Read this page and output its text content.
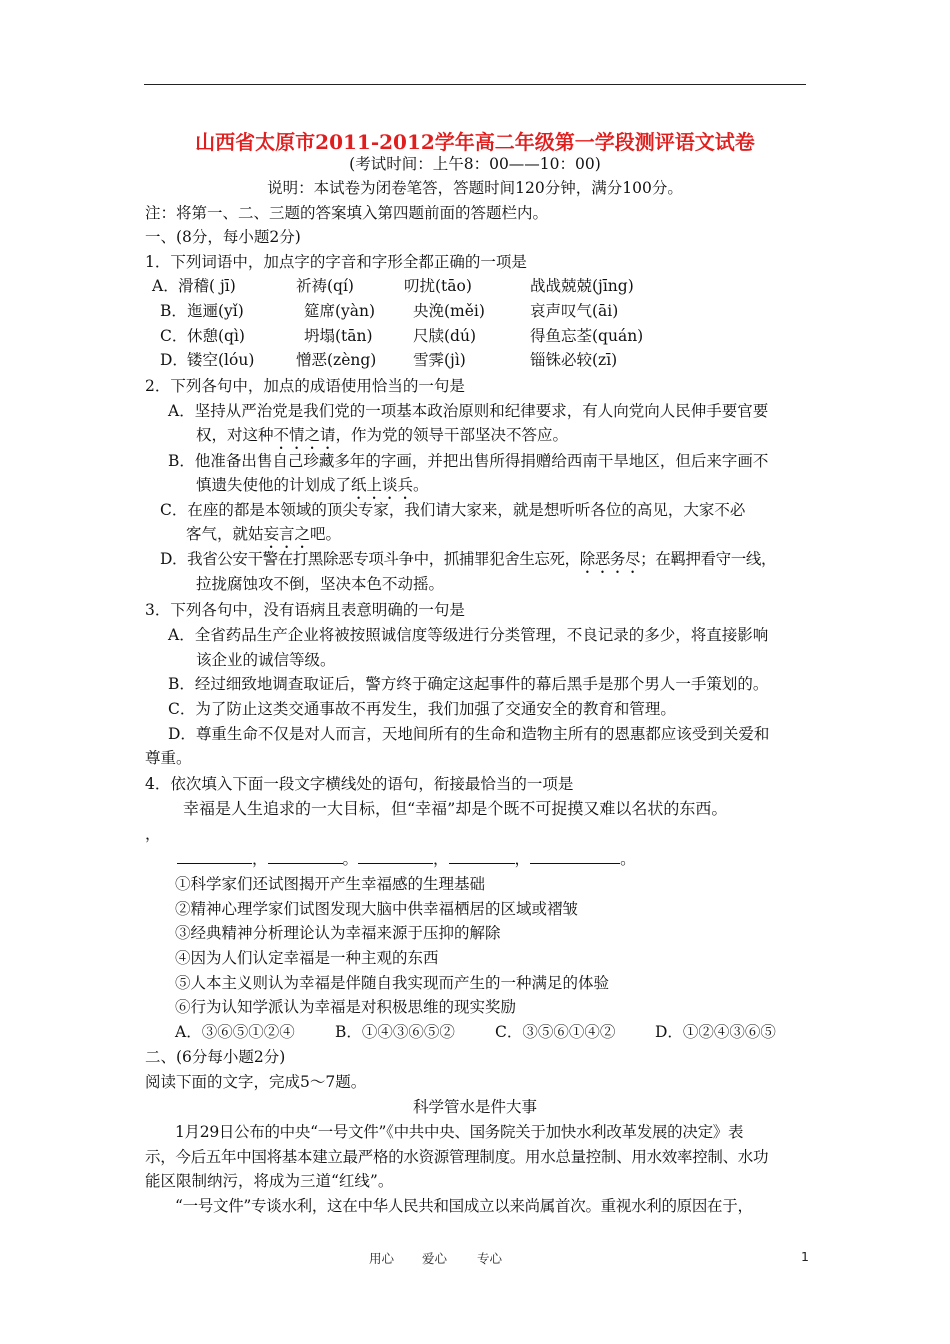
山西省太原市2011-2012学年高二年级第一学段测评语文试卷
(考试时间：上午8：00——10：00)
说明：本试卷为闭卷笔答，答题时间120分钟，满分100分。
注：将第一、二、三题的答案填入第四题前面的答题栏内。
一、(8分，每小题2分)
1．下列词语中，加点字的字音和字形全都正确的一项是
A． 滑稽( jī)	祈祷(qí)	叨扰(tāo)	战战兢兢(jīng)
B． 迤逦(yǐ)	筵席(yàn) 央浼(měi)	哀声叹气(āi)
C． 休憩(qì)	坍塌(tān)	尺牍(dú)	得鱼忘荃(quán)
D． 镂空(lóu)	憎恶(zèng) 雪霁(jì)	锱铢必较(zī)
2．下列各句中，加点的成语使用恰当的一句是
A．坚持从严治党是我们党的一项基本政治原则和纪律要求，有人向党向人民伸手要官要
权，对这种不情之请，作为党的领导干部坚决不答应。
B．他准备出售自己珍藏多年的字画，并把出售所得捐赠给西南干旱地区，但后来字画不
慎遗失使他的计划成了纸上谈兵。
C．在座的都是本领域的顶尖专家，我们请大家来，就是想听听各位的高见，大家不必
客气，就姑妄言之吧。
D．我省公安干警在打黑除恶专项斗争中，抓捕罪犯舍生忘死，除恶务尽；在羁押看守一线，
拉拢腐蚀攻不倒，坚决本色不动摇。
3．下列各句中，没有语病且表意明确的一句是
A．全省药品生产企业将被按照诚信度等级进行分类管理，不良记录的多少，将直接影响
该企业的诚信等级。
B．经过细致地调查取证后，警方终于确定这起事件的幕后黑手是那个男人一手策划的。
C．为了防止这类交通事故不再发生，我们加强了交通安全的教育和管理。
D．尊重生命不仅是对人而言，天地间所有的生命和造物主所有的恩惠都应该受到关爱和
尊重。
4．依次填入下面一段文字横线处的语句，衔接最恰当的一项是
幸福是人生追求的一大目标，但“幸福”却是个既不可捉摸又难以名状的东西。
，
，	。	，	，	。
①科学家们还试图揭开产生幸福感的生理基础
②精神心理学家们试图发现大脑中供幸福栖居的区域或褶皱
③经典精神分析理论认为幸福来源于压抑的解除
④因为人们认定幸福是一种主观的东西
⑤人本主义则认为幸福是伴随自我实现而产生的一种满足的体验
⑥行为认知学派认为幸福是对积极思维的现实奖励
A．③⑥⑤①②④	B．①④③⑥⑤②	C．③⑤⑥①④②	D．①②④③⑥⑤
二、(6分每小题2分)
阅读下面的文字，完成5～7题。
科学管水是件大事
1月29日公布的中央“一号文件”《中共中央、国务院关于加快水利改革发展的决定》表
示，今后五年中国将基本建立最严格的水资源管理制度。用水总量控制、用水效率控制、水功
能区限制纳污，将成为三道“红线”。
“一号文件”专谈水利，这在中华人民共和国成立以来尚属首次。重视水利的原因在于，
用心 爱心 专心	1
